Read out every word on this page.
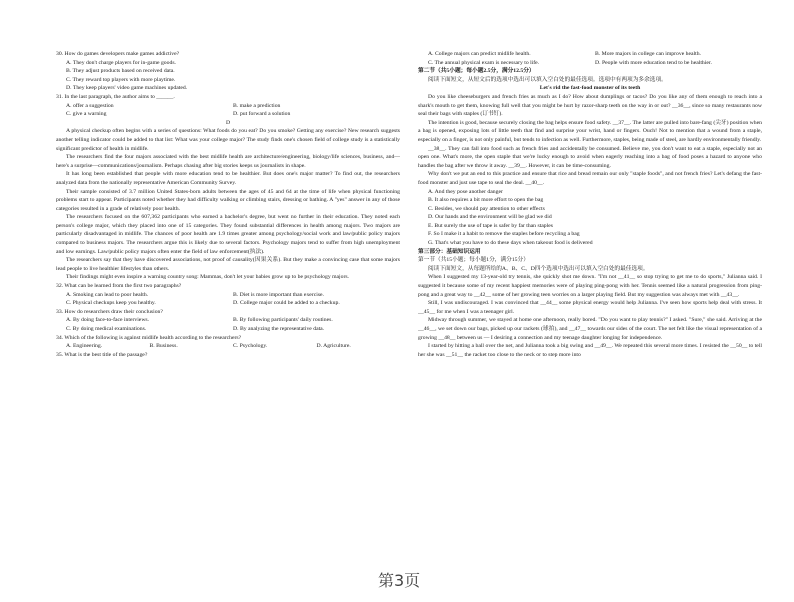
30. How do games developers make games addictive?

A. They don't charge players for in-game goods.

B. They adjust products based on received data.

C. They reward top players with more playtime.

D. They keep players' video game machines updated.

31. In the last paragraph, the author aims to ______.

A. offer a suggestion	B. make a prediction
C. give a warning	D. put forward a solution

D

A physical checkup often begins with a series of questions: What foods do you eat? Do you smoke? Getting any exercise? New research suggests another telling indicator could be added to that list: What was your college major? The study finds one's chosen field of college study is a statistically significant predictor of health in midlife.

The researchers find the four majors associated with the best midlife health are architecture/engineering, biology/life sciences, business, and—here's a surprise—communications/journalism. Perhaps chasing after big stories keeps us journalists in shape.

It has long been established that people with more education tend to be healthier. But does one's major matter? To find out, the researchers analyzed data from the nationally representative American Community Survey.

Their sample consisted of 3.7 million United States-born adults between the ages of 45 and 64 at the time of life when physical functioning problems start to appear. Participants noted whether they had difficulty walking or climbing stairs, dressing or bathing. A "yes" answer in any of those categories resulted in a grade of relatively poor health.

The researchers focused on the 607,362 participants who earned a bachelor's degree, but went no further in their education. They noted each person's college major, which they placed into one of 15 categories. They found substantial differences in health among majors. Two majors are particularly disadvantaged in midlife. The chances of poor health are 1.9 times greater among psychology/social work and law/public policy majors compared to business majors. The researchers argue this is likely due to several factors. Psychology majors tend to suffer from high unemployment and low earnings. Law/public policy majors often enter the field of law enforcement(执法).

The researchers say that they have discovered associations, not proof of causality(因果关系). But they make a convincing case that some majors lead people to live healthier lifestyles than others.

Their findings might even inspire a warning country song: Mammas, don't let your babies grow up to be psychology majors.

32. What can be learned from the first two paragraphs?

A. Smoking can lead to poor health.	B. Diet is more important than exercise.
C. Physical checkups keep you healthy.	D. College major could be added to a checkup.

33. How do researchers draw their conclusion?

A. By doing face-to-face interviews.	B. By following participants' daily routines.
C. By doing medical examinations.	D. By analyzing the representative data.

34. Which of the following is against midlife health according to the researchers?

A. Engineering.	B. Business.	C. Psychology.	D. Agriculture.

35. What is the best title of the passage?

A. College majors can predict midlife health.	B. More majors in college can improve health.
C. The annual physical exam is necessary to life.	D. People with more education tend to be healthier.

第二节（共5小题；每小题2.5分，满分12.5分）

阅读下面短文，从短文后的选项中选出可以填入空白处的最佳选项。选项中有两项为多余选项。

Let's rid the fast-food monster of its teeth

Do you like cheeseburgers and french fries as much as I do? How about dumplings or tacos? Do you like any of them enough to reach into a shark's mouth to get them, knowing full well that you might be hurt by razor-sharp teeth on the way in or out? __36__, since so many restaurants now seal their bags with staples (订书钉).

The intention is good, because securely closing the bag helps ensure food safety. __37__. The latter are pulled into bare-fang (尖牙) position when a bag is opened, exposing lots of little teeth that find and surprise your wrist, hand or fingers. Ouch! Not to mention that a wound from a staple, especially on a finger, is not only painful, but tends to infection as well. Furthermore, staples, being made of steel, are hardly environmentally friendly.

__38__. They can fall into food such as french fries and accidentally be consumed. Believe me, you don't want to eat a staple, especially not an open one. What's more, the open staple that we're lucky enough to avoid when eagerly reaching into a bag of food poses a hazard to anyone who handles the bag after we throw it away. __39__. However, it can be time-consuming.

Why don't we put an end to this practice and ensure that rice and bread remain our only "staple foods", and not french fries? Let's defang the fast-food monster and just use tape to seal the deal. __40__.

A. And they pose another danger

B. It also requires a bit more effort to open the bag

C. Besides, we should pay attention to other effects

D. Our hands and the environment will be glad we did

E. But surely the use of tape is safer by far than staples

F. So I make it a habit to remove the staples before recycling a bag

G. That's what you have to do these days when takeout food is delivered

第三部分：基础知识运用

第一节（共15小题；每小题1分，满分15分）

阅读下面短文，从每题所给的A、B、C、D四个选项中选出可以填入空白处的最佳选项。

When I suggested my 13-year-old try tennis, she quickly shot me down. "I'm not __41__ so stop trying to get me to do sports," Julianna said. I suggested it because some of my recent happiest memories were of playing ping-pong with her. Tennis seemed like a natural progression from ping-pong and a great way to __42__ some of her growing teen worries on a larger playing field. But my suggestion was always met with __43__.

Still, I was undiscouraged. I was convinced that __44__ some physical energy would help Julianna. I've seen how sports help deal with stress. It __45__ for me when I was a teenager girl.

Midway through summer, we stayed at home one afternoon, really bored. "Do you want to play tennis?" I asked. "Sure," she said. Arriving at the __46__, we set down our bags, picked up our rackets (球拍), and __47__ towards our sides of the court. The net felt like the visual representation of a growing __48__ between us — I desiring a connection and my teenage daughter longing for independence.

I started by hitting a ball over the net, and Julianna took a big swing and __49__. We repeated this several more times. I resisted the __50__ to tell her she was __51__ the racket too close to the neck or to step more into

第3页
